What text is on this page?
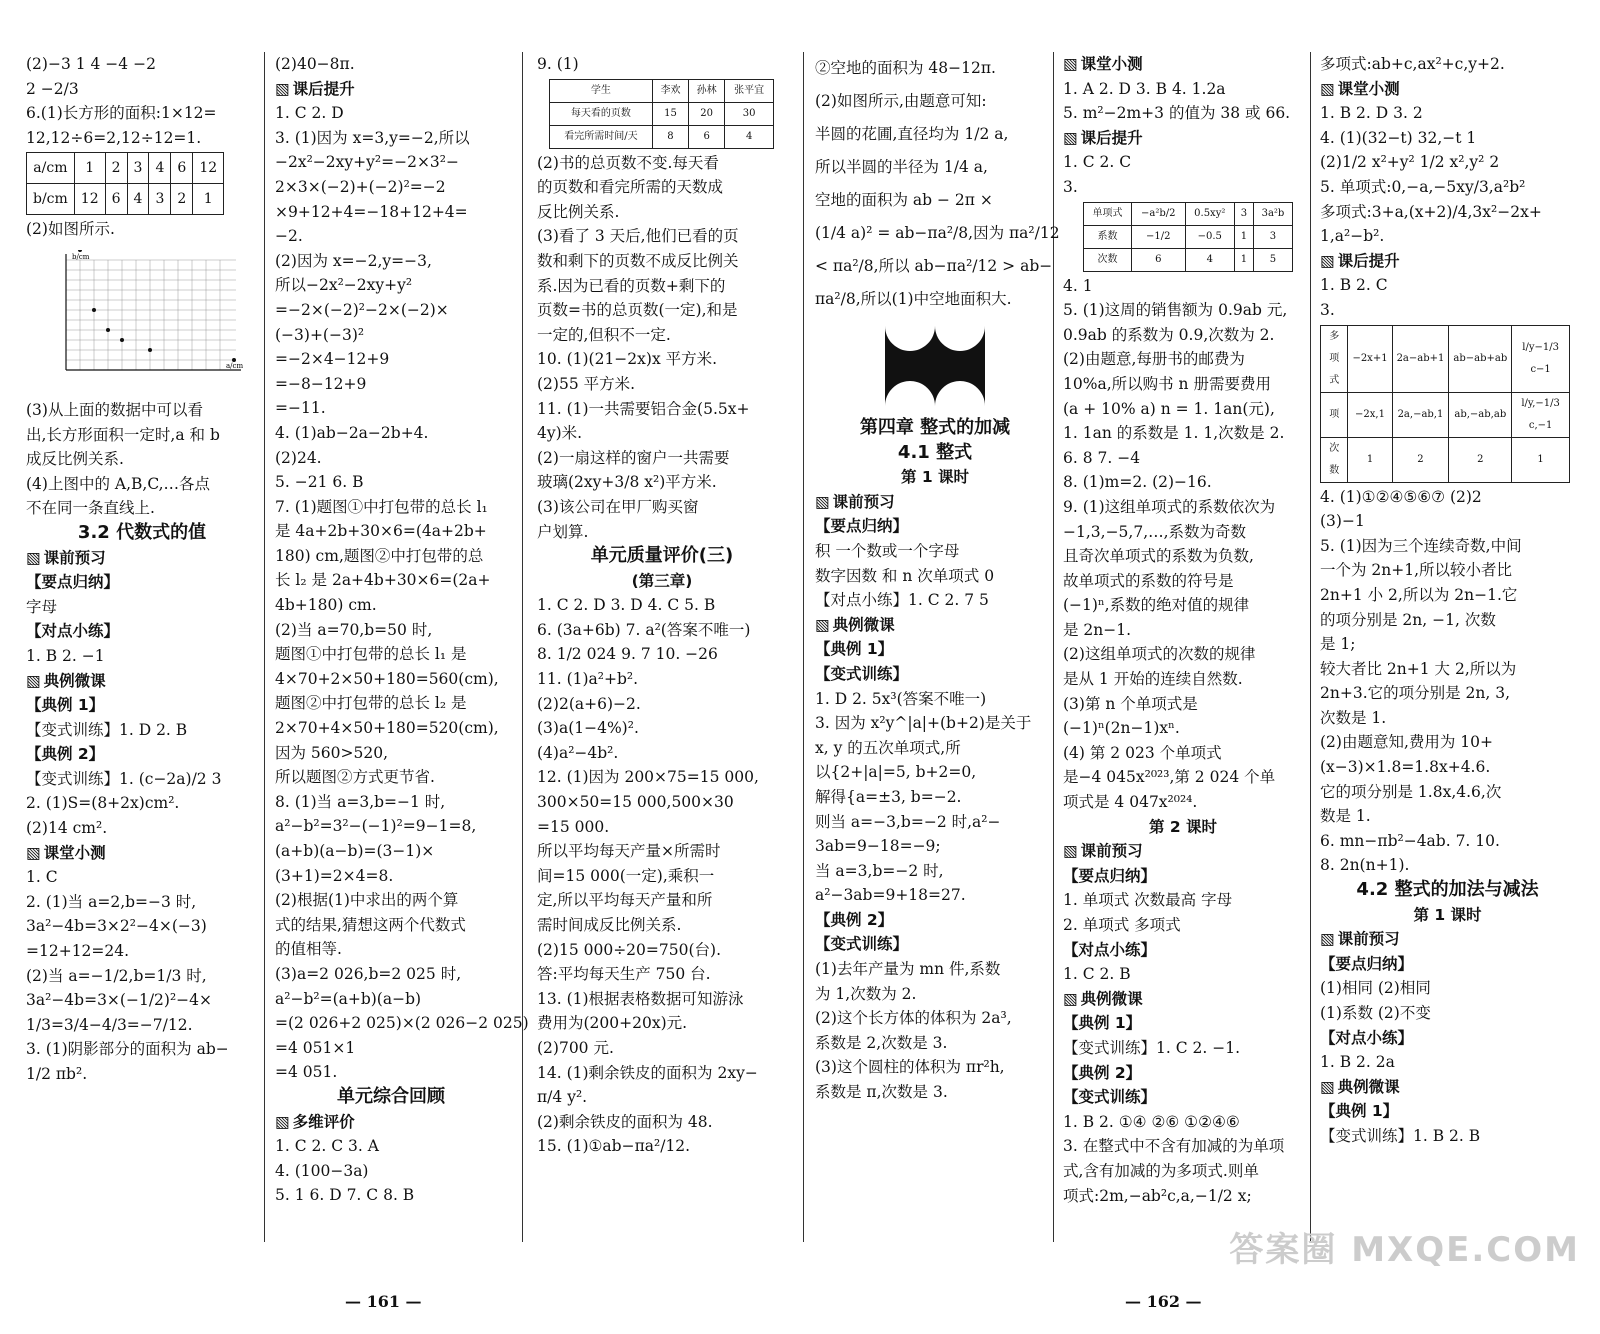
(2)−3 1 4 −4 −2

2 −2/3

6.(1)长方形的面积:1×12=

12,12÷6=2,12÷12=1.

a/cm	1	2	3	4	6	12
b/cm	12	6	4	3	2	1

(2)如图所示.

b/cm
a/cm

(3)从上面的数据中可以看

出,长方形面积一定时,a 和 b

成反比例关系.

(4)上图中的 A,B,C,…各点

不在同一条直线上.

3.2 代数式的值

▧ 课前预习

【要点归纳】

字母

【对点小练】

1. B 2. −1

▧ 典例微课

【典例 1】

【变式训练】1. D 2. B

【典例 2】

【变式训练】1. (c−2a)/2 3

2. (1)S=(8+2x)cm².

(2)14 cm².

▧ 课堂小测

1. C

2. (1)当 a=2,b=−3 时,

3a²−4b=3×2²−4×(−3)

=12+12=24.

(2)当 a=−1/2,b=1/3 时,

3a²−4b=3×(−1/2)²−4×

1/3=3/4−4/3=−7/12.

3. (1)阴影部分的面积为 ab−

1/2 πb².

(2)40−8π.

▧ 课后提升

1. C 2. D

3. (1)因为 x=3,y=−2,所以

−2x²−2xy+y²=−2×3²−

2×3×(−2)+(−2)²=−2

×9+12+4=−18+12+4=

−2.

(2)因为 x=−2,y=−3,

所以−2x²−2xy+y²

=−2×(−2)²−2×(−2)×

(−3)+(−3)²

=−2×4−12+9

=−8−12+9

=−11.

4. (1)ab−2a−2b+4.

(2)24.

5. −21 6. B

7. (1)题图①中打包带的总长 l₁

是 4a+2b+30×6=(4a+2b+

180) cm,题图②中打包带的总

长 l₂ 是 2a+4b+30×6=(2a+

4b+180) cm.

(2)当 a=70,b=50 时,

题图①中打包带的总长 l₁ 是

4×70+2×50+180=560(cm),

题图②中打包带的总长 l₂ 是

2×70+4×50+180=520(cm),

因为 560>520,

所以题图②方式更节省.

8. (1)当 a=3,b=−1 时,

a²−b²=3²−(−1)²=9−1=8,

(a+b)(a−b)=(3−1)×

(3+1)=2×4=8.

(2)根据(1)中求出的两个算

式的结果,猜想这两个代数式

的值相等.

(3)a=2 026,b=2 025 时,

a²−b²=(a+b)(a−b)

=(2 026+2 025)×(2 026−2 025)

=4 051×1

=4 051.

单元综合回顾

▧ 多维评价

1. C 2. C 3. A

4. (100−3a)

5. 1 6. D 7. C 8. B

9. (1)

学生	李欢	孙林	张平宜
每天看的页数	15	20	30
看完所需时间/天	8	6	4

(2)书的总页数不变.每天看

的页数和看完所需的天数成

反比例关系.

(3)看了 3 天后,他们已看的页

数和剩下的页数不成反比例关

系.因为已看的页数+剩下的

页数=书的总页数(一定),和是

一定的,但积不一定.

10. (1)(21−2x)x 平方米.

(2)55 平方米.

11. (1)一共需要铝合金(5.5x+

4y)米.

(2)一扇这样的窗户一共需要

玻璃(2xy+3/8 x²)平方米.

(3)该公司在甲厂购买窗

户划算.

单元质量评价(三)

(第三章)

1. C 2. D 3. D 4. C 5. B

6. (3a+6b) 7. a²(答案不唯一)

8. 1/2 024 9. 7 10. −26

11. (1)a²+b².

(2)2(a+6)−2.

(3)a(1−4%)².

(4)a²−4b².

12. (1)因为 200×75=15 000,

300×50=15 000,500×30

=15 000.

所以平均每天产量×所需时

间=15 000(一定),乘积一

定,所以平均每天产量和所

需时间成反比例关系.

(2)15 000÷20=750(台).

答:平均每天生产 750 台.

13. (1)根据表格数据可知游泳

费用为(200+20x)元.

(2)700 元.

14. (1)剩余铁皮的面积为 2xy−

π/4 y².

(2)剩余铁皮的面积为 48.

15. (1)①ab−πa²/12.

②空地的面积为 48−12π.

(2)如图所示,由题意可知:

半圆的花圃,直径均为 1/2 a,

所以半圆的半径为 1/4 a,

空地的面积为 ab − 2π ×

(1/4 a)² = ab−πa²/8,因为 πa²/12

< πa²/8,所以 ab−πa²/12 > ab−

πa²/8,所以(1)中空地面积大.

第四章 整式的加减

4.1 整式

第 1 课时

▧ 课前预习

【要点归纳】

积 一个数或一个字母

数字因数 和 n 次单项式 0

【对点小练】1. C 2. 7 5

▧ 典例微课

【典例 1】

【变式训练】

1. D 2. 5x³(答案不唯一)

3. 因为 x²y^|a|+(b+2)是关于

x, y 的五次单项式,所

以{2+|a|=5, b+2=0,

解得{a=±3, b=−2.

则当 a=−3,b=−2 时,a²−

3ab=9−18=−9;

当 a=3,b=−2 时,

a²−3ab=9+18=27.

【典例 2】

【变式训练】

(1)去年产量为 mn 件,系数

为 1,次数为 2.

(2)这个长方体的体积为 2a³,

系数是 2,次数是 3.

(3)这个圆柱的体积为 πr²h,

系数是 π,次数是 3.

▧ 课堂小测

1. A 2. D 3. B 4. 1.2a

5. m²−2m+3 的值为 38 或 66.

▧ 课后提升

1. C 2. C

3.

单项式	−a²b/2	0.5xy²	3	3a²b
系数	−1/2	−0.5	1	3
次数	6	4	1	5

4. 1

5. (1)这周的销售额为 0.9ab 元,

0.9ab 的系数为 0.9,次数为 2.

(2)由题意,每册书的邮费为

10%a,所以购书 n 册需要费用

(a + 10% a) n = 1. 1an(元),

1. 1an 的系数是 1. 1,次数是 2.

6. 8 7. −4

8. (1)m=2. (2)−16.

9. (1)这组单项式的系数依次为

−1,3,−5,7,…,系数为奇数

且奇次单项式的系数为负数,

故单项式的系数的符号是

(−1)ⁿ,系数的绝对值的规律

是 2n−1.

(2)这组单项式的次数的规律

是从 1 开始的连续自然数.

(3)第 n 个单项式是

(−1)ⁿ(2n−1)xⁿ.

(4) 第 2 023 个单项式

是−4 045x²⁰²³,第 2 024 个单

项式是 4 047x²⁰²⁴.

第 2 课时

▧ 课前预习

【要点归纳】

1. 单项式 次数最高 字母

2. 单项式 多项式

【对点小练】

1. C 2. B

▧ 典例微课

【典例 1】

【变式训练】1. C 2. −1.

【典例 2】

【变式训练】

1. B 2. ①④ ②⑥ ①②④⑥

3. 在整式中不含有加减的为单项

式,含有加减的为多项式.则单

项式:2m,−ab²c,a,−1/2 x;

多项式:ab+c,ax²+c,y+2.

▧ 课堂小测

1. B 2. D 3. 2

4. (1)(32−t) 32,−t 1

(2)1/2 x²+y² 1/2 x²,y² 2

5. 单项式:0,−a,−5xy/3,a²b²

多项式:3+a,(x+2)/4,3x²−2x+

1,a²−b².

▧ 课后提升

1. B 2. C

3.

多项式	−2x+1	2a−ab+1	ab−ab+ab	l/y−1/3 c−1
项	−2x,1	2a,−ab,1	ab,−ab,ab	l/y,−1/3 c,−1
次数	1	2	2	1

4. (1)①②④⑤⑥⑦ (2)2

(3)−1

5. (1)因为三个连续奇数,中间

一个为 2n+1,所以较小者比

2n+1 小 2,所以为 2n−1.它

的项分别是 2n, −1, 次数

是 1;

较大者比 2n+1 大 2,所以为

2n+3.它的项分别是 2n, 3,

次数是 1.

(2)由题意知,费用为 10+

(x−3)×1.8=1.8x+4.6.

它的项分别是 1.8x,4.6,次

数是 1.

6. mn−πb²−4ab. 7. 10.

8. 2n(n+1).

4.2 整式的加法与减法

第 1 课时

▧ 课前预习

【要点归纳】

(1)相同 (2)相同

(1)系数 (2)不变

【对点小练】

1. B 2. 2a

▧ 典例微课

【典例 1】

【变式训练】1. B 2. B

— 161 —	— 162 —
答案圈 MXQE.COM
